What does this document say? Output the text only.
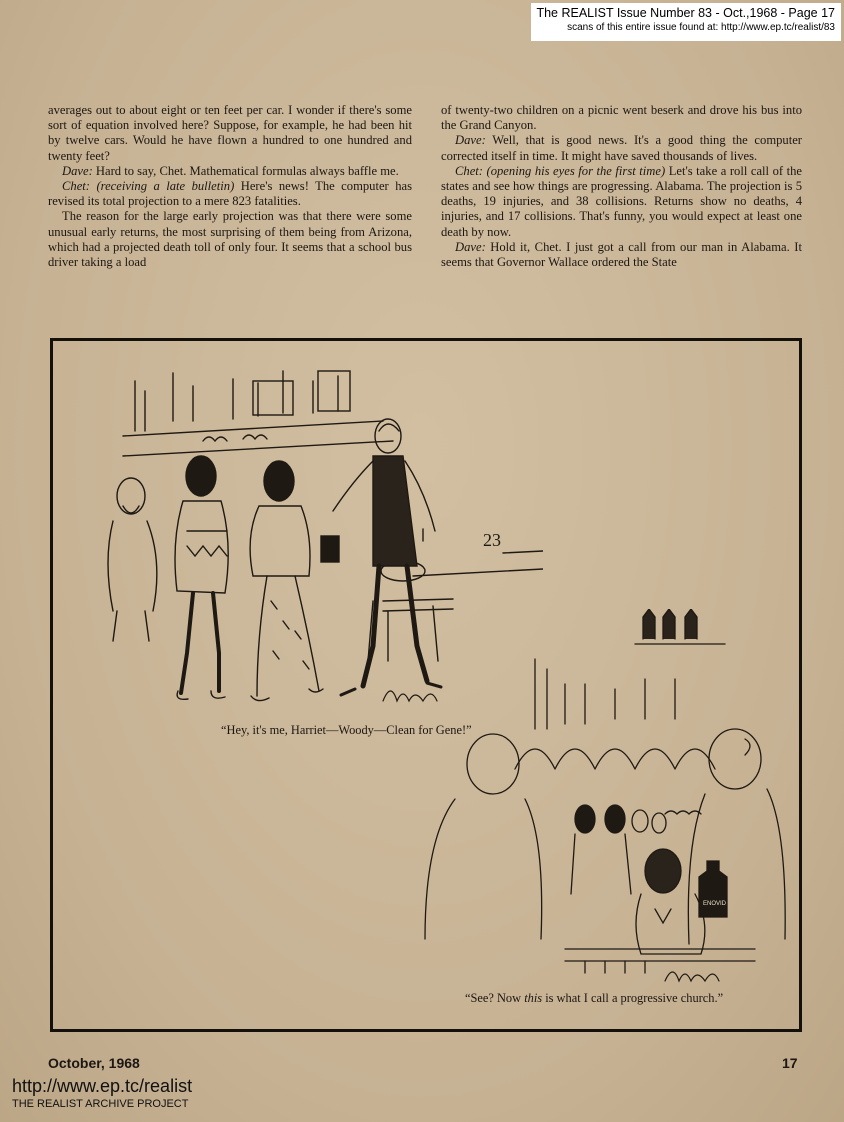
The REALIST Issue Number 83 - Oct.,1968 - Page 17
scans of this entire issue found at: http://www.ep.tc/realist/83

averages out to about eight or ten feet per car. I wonder if there's some sort of equation involved here? Suppose, for example, he had been hit by twelve cars. Would he have flown a hundred to one hundred and twenty feet?

Dave: Hard to say, Chet. Mathematical formulas always baffle me.

Chet: (receiving a late bulletin) Here's news! The computer has revised its total projection to a mere 823 fatalities.

The reason for the large early projection was that there were some unusual early returns, the most surprising of them being from Arizona, which had a projected death toll of only four. It seems that a school bus driver taking a load

of twenty-two children on a picnic went beserk and drove his bus into the Grand Canyon.

Dave: Well, that is good news. It's a good thing the computer corrected itself in time. It might have saved thousands of lives.

Chet: (opening his eyes for the first time) Let's take a roll call of the states and see how things are progressing. Alabama. The projection is 5 deaths, 19 injuries, and 38 collisions. Returns show no deaths, 4 injuries, and 17 collisions. That's funny, you would expect at least one death by now.

Dave: Hold it, Chet. I just got a call from our man in Alabama. It seems that Governor Wallace ordered the State

23
“Hey, it's me, Harriet—Woody—Clean for Gene!”
ENOVID
“See? Now this is what I call a progressive church.”
October, 1968	17
http://www.ep.tc/realist
THE REALIST ARCHIVE PROJECT
